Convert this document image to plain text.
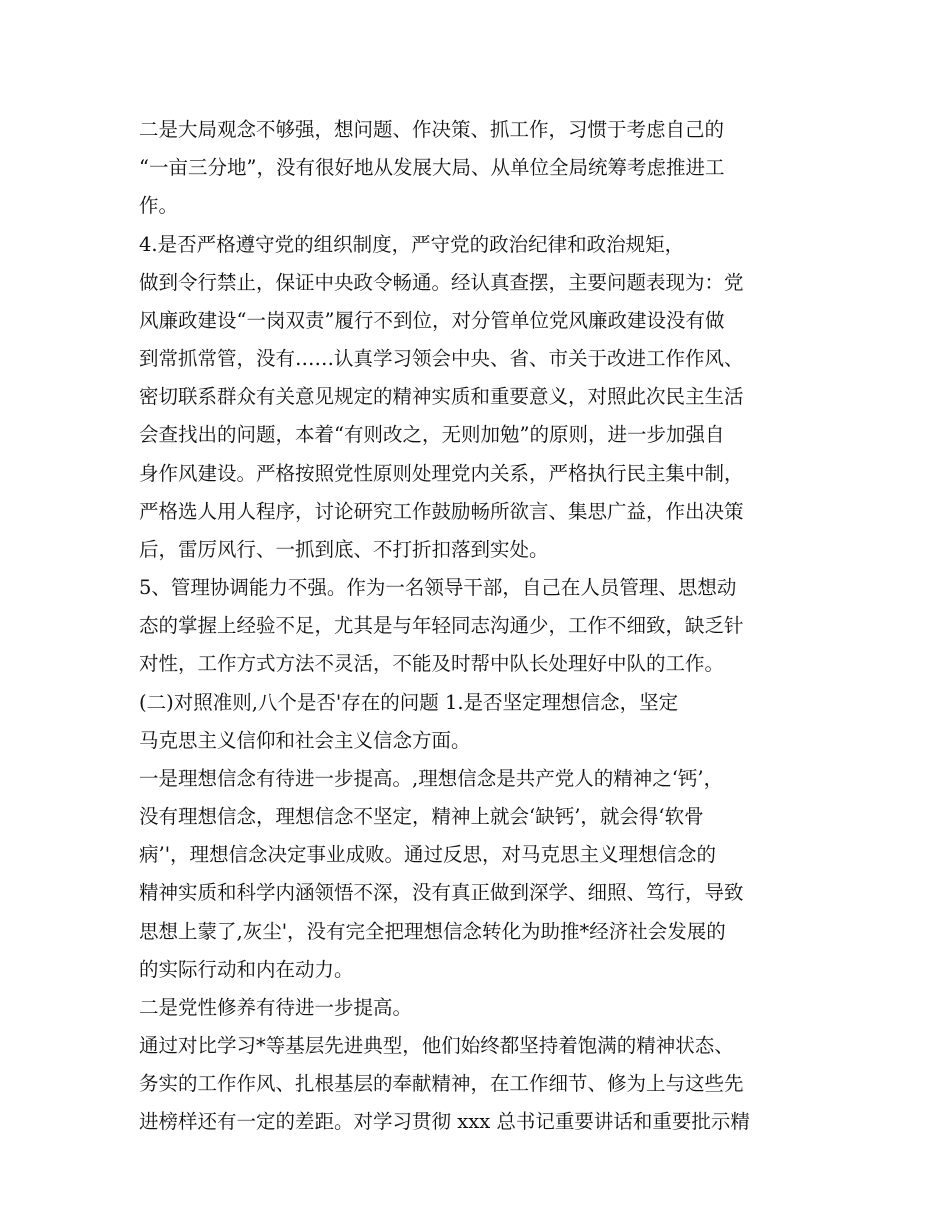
二是大局观念不够强，想问题、作决策、抓工作，习惯于考虑自己的
“一亩三分地”，没有很好地从发展大局、从单位全局统筹考虑推进工
作。
4.是否严格遵守党的组织制度，严守党的政治纪律和政治规矩，
做到令行禁止，保证中央政令畅通。经认真查摆，主要问题表现为：党
风廉政建设“一岗双责”履行不到位，对分管单位党风廉政建设没有做
到常抓常管，没有……认真学习领会中央、省、市关于改进工作作风、
密切联系群众有关意见规定的精神实质和重要意义，对照此次民主生活
会查找出的问题，本着“有则改之，无则加勉”的原则，进一步加强自
身作风建设。严格按照党性原则处理党内关系，严格执行民主集中制，
严格选人用人程序，讨论研究工作鼓励畅所欲言、集思广益，作出决策
后，雷厉风行、一抓到底、不打折扣落到实处。
5、管理协调能力不强。作为一名领导干部，自己在人员管理、思想动
态的掌握上经验不足，尤其是与年轻同志沟通少，工作不细致，缺乏针
对性，工作方式方法不灵活，不能及时帮中队长处理好中队的工作。
(二)对照准则,八个是否'存在的问题 1.是否坚定理想信念，坚定
马克思主义信仰和社会主义信念方面。
一是理想信念有待进一步提高。,理想信念是共产党人的精神之‘钙’，
没有理想信念，理想信念不坚定，精神上就会‘缺钙’，就会得‘软骨
病’'，理想信念决定事业成败。通过反思，对马克思主义理想信念的
精神实质和科学内涵领悟不深，没有真正做到深学、细照、笃行，导致
思想上蒙了,灰尘'，没有完全把理想信念转化为助推*经济社会发展的
的实际行动和内在动力。
二是党性修养有待进一步提高。
通过对比学习*等基层先进典型，他们始终都坚持着饱满的精神状态、
务实的工作作风、扎根基层的奉献精神，在工作细节、修为上与这些先
进榜样还有一定的差距。对学习贯彻 xxx 总书记重要讲话和重要批示精
